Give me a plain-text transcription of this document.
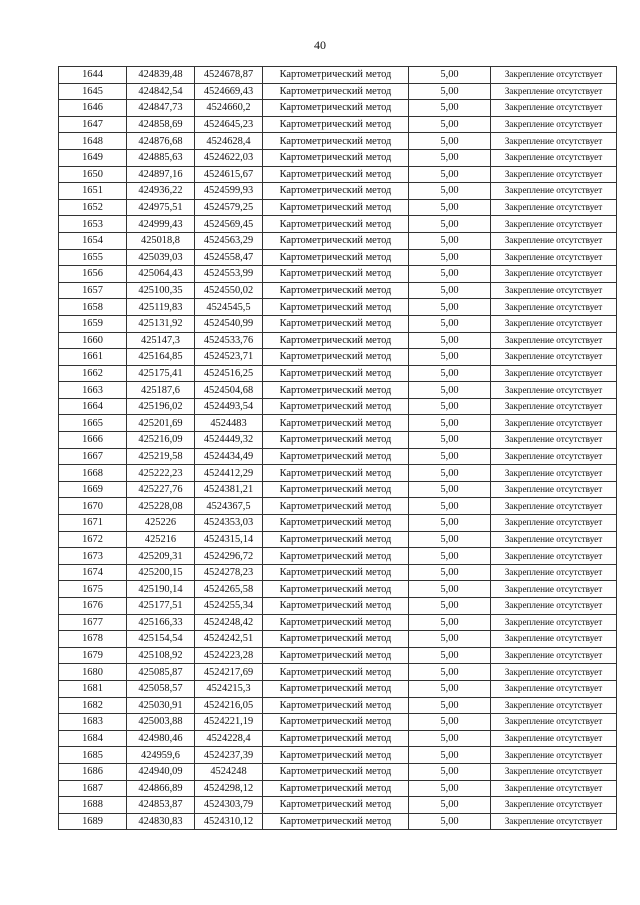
40
1644	424839,48	4524678,87	Картометрический метод	5,00	Закрепление отсутствует
1645	424842,54	4524669,43	Картометрический метод	5,00	Закрепление отсутствует
1646	424847,73	4524660,2	Картометрический метод	5,00	Закрепление отсутствует
1647	424858,69	4524645,23	Картометрический метод	5,00	Закрепление отсутствует
1648	424876,68	4524628,4	Картометрический метод	5,00	Закрепление отсутствует
1649	424885,63	4524622,03	Картометрический метод	5,00	Закрепление отсутствует
1650	424897,16	4524615,67	Картометрический метод	5,00	Закрепление отсутствует
1651	424936,22	4524599,93	Картометрический метод	5,00	Закрепление отсутствует
1652	424975,51	4524579,25	Картометрический метод	5,00	Закрепление отсутствует
1653	424999,43	4524569,45	Картометрический метод	5,00	Закрепление отсутствует
1654	425018,8	4524563,29	Картометрический метод	5,00	Закрепление отсутствует
1655	425039,03	4524558,47	Картометрический метод	5,00	Закрепление отсутствует
1656	425064,43	4524553,99	Картометрический метод	5,00	Закрепление отсутствует
1657	425100,35	4524550,02	Картометрический метод	5,00	Закрепление отсутствует
1658	425119,83	4524545,5	Картометрический метод	5,00	Закрепление отсутствует
1659	425131,92	4524540,99	Картометрический метод	5,00	Закрепление отсутствует
1660	425147,3	4524533,76	Картометрический метод	5,00	Закрепление отсутствует
1661	425164,85	4524523,71	Картометрический метод	5,00	Закрепление отсутствует
1662	425175,41	4524516,25	Картометрический метод	5,00	Закрепление отсутствует
1663	425187,6	4524504,68	Картометрический метод	5,00	Закрепление отсутствует
1664	425196,02	4524493,54	Картометрический метод	5,00	Закрепление отсутствует
1665	425201,69	4524483	Картометрический метод	5,00	Закрепление отсутствует
1666	425216,09	4524449,32	Картометрический метод	5,00	Закрепление отсутствует
1667	425219,58	4524434,49	Картометрический метод	5,00	Закрепление отсутствует
1668	425222,23	4524412,29	Картометрический метод	5,00	Закрепление отсутствует
1669	425227,76	4524381,21	Картометрический метод	5,00	Закрепление отсутствует
1670	425228,08	4524367,5	Картометрический метод	5,00	Закрепление отсутствует
1671	425226	4524353,03	Картометрический метод	5,00	Закрепление отсутствует
1672	425216	4524315,14	Картометрический метод	5,00	Закрепление отсутствует
1673	425209,31	4524296,72	Картометрический метод	5,00	Закрепление отсутствует
1674	425200,15	4524278,23	Картометрический метод	5,00	Закрепление отсутствует
1675	425190,14	4524265,58	Картометрический метод	5,00	Закрепление отсутствует
1676	425177,51	4524255,34	Картометрический метод	5,00	Закрепление отсутствует
1677	425166,33	4524248,42	Картометрический метод	5,00	Закрепление отсутствует
1678	425154,54	4524242,51	Картометрический метод	5,00	Закрепление отсутствует
1679	425108,92	4524223,28	Картометрический метод	5,00	Закрепление отсутствует
1680	425085,87	4524217,69	Картометрический метод	5,00	Закрепление отсутствует
1681	425058,57	4524215,3	Картометрический метод	5,00	Закрепление отсутствует
1682	425030,91	4524216,05	Картометрический метод	5,00	Закрепление отсутствует
1683	425003,88	4524221,19	Картометрический метод	5,00	Закрепление отсутствует
1684	424980,46	4524228,4	Картометрический метод	5,00	Закрепление отсутствует
1685	424959,6	4524237,39	Картометрический метод	5,00	Закрепление отсутствует
1686	424940,09	4524248	Картометрический метод	5,00	Закрепление отсутствует
1687	424866,89	4524298,12	Картометрический метод	5,00	Закрепление отсутствует
1688	424853,87	4524303,79	Картометрический метод	5,00	Закрепление отсутствует
1689	424830,83	4524310,12	Картометрический метод	5,00	Закрепление отсутствует
